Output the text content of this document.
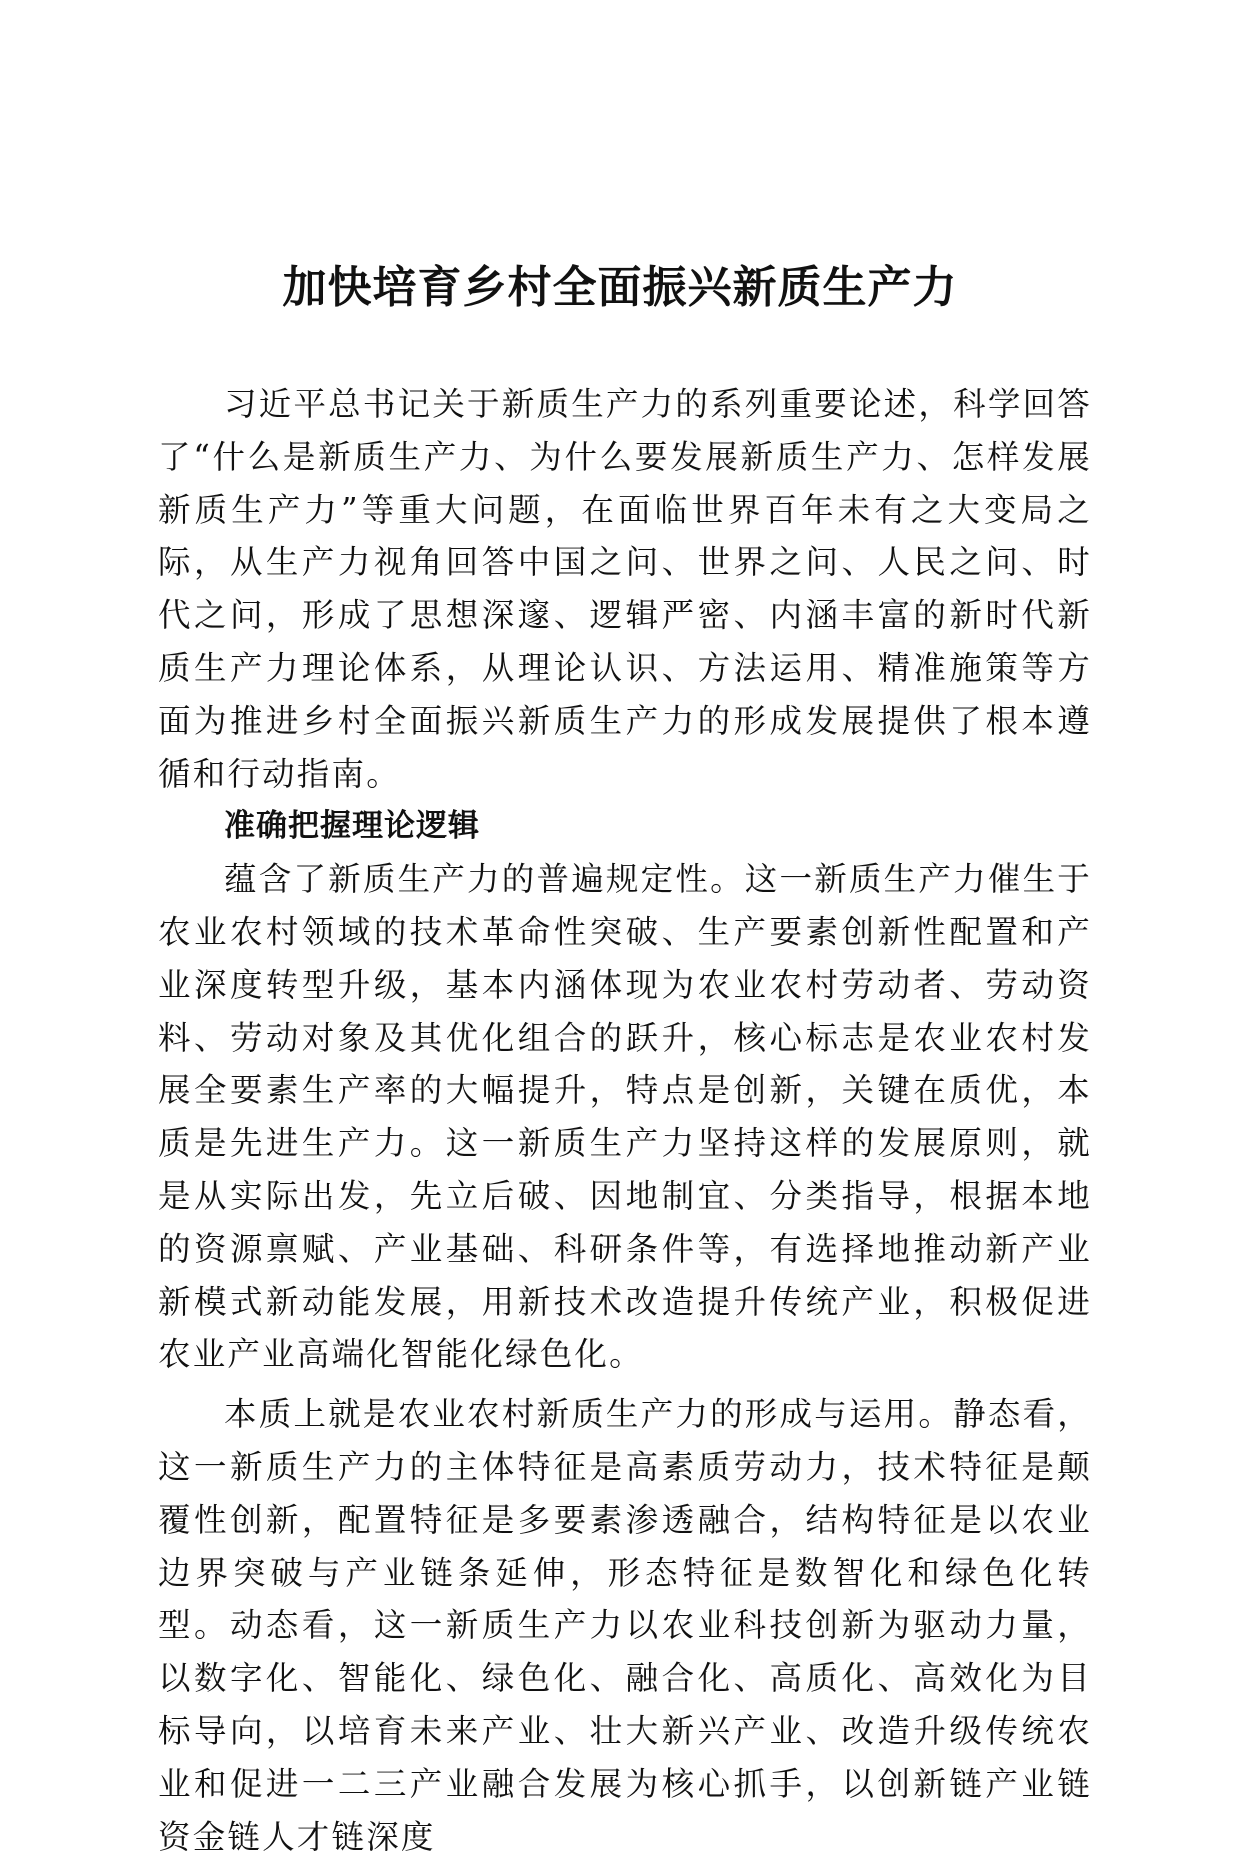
加快培育乡村全面振兴新质生产力

习近平总书记关于新质生产力的系列重要论述，科学回答了“什么是新质生产力、为什么要发展新质生产力、怎样发展新质生产力”等重大问题，在面临世界百年未有之大变局之际，从生产力视角回答中国之问、世界之问、人民之问、时代之问，形成了思想深邃、逻辑严密、内涵丰富的新时代新质生产力理论体系，从理论认识、方法运用、精准施策等方面为推进乡村全面振兴新质生产力的形成发展提供了根本遵循和行动指南。

准确把握理论逻辑

蕴含了新质生产力的普遍规定性。这一新质生产力催生于农业农村领域的技术革命性突破、生产要素创新性配置和产业深度转型升级，基本内涵体现为农业农村劳动者、劳动资料、劳动对象及其优化组合的跃升，核心标志是农业农村发展全要素生产率的大幅提升，特点是创新，关键在质优，本质是先进生产力。这一新质生产力坚持这样的发展原则，就是从实际出发，先立后破、因地制宜、分类指导，根据本地的资源禀赋、产业基础、科研条件等，有选择地推动新产业新模式新动能发展，用新技术改造提升传统产业，积极促进农业产业高端化智能化绿色化。

本质上就是农业农村新质生产力的形成与运用。静态看，这一新质生产力的主体特征是高素质劳动力，技术特征是颠覆性创新，配置特征是多要素渗透融合，结构特征是以农业边界突破与产业链条延伸，形态特征是数智化和绿色化转型。动态看，这一新质生产力以农业科技创新为驱动力量，以数字化、智能化、绿色化、融合化、高质化、高效化为目标导向，以培育未来产业、壮大新兴产业、改造升级传统农业和促进一二三产业融合发展为核心抓手，以创新链产业链资金链人才链深度
